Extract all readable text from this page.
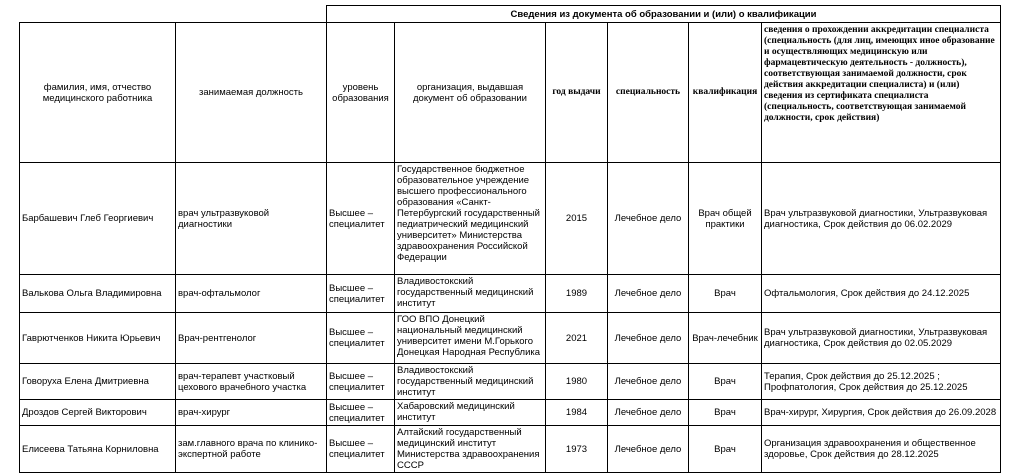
		Сведения из документа об образовании и (или) о квалификации					
фамилия, имя, отчество медицинского работника	занимаемая должность	уровень образования	организация, выдавшая документ об образовании	год выдачи	специальность	квалификация	сведения о прохождении аккредитации специалиста (специальность (для лиц, имеющих иное образование и осуществляющих медицинскую или фармацевтическую деятельность - должность), соответствующая занимаемой должности, срок действия аккредитации специалиста) и (или) сведения из сертификата специалиста (специальность, соответствующая занимаемой должности, срок действия)
Барбашевич Глеб Георгиевич	врач ультразвуковой диагностики	Высшее – специалитет	Государственное бюджетное образовательное учреждение высшего профессионального образования «Санкт-Петербургский государственный педиатрический медицинский университет» Министерства здравоохранения Российской Федерации	2015	Лечебное дело	Врач общей практики	Врач ультразвуковой диагностики, Ультразвуковая диагностика, Срок действия до 06.02.2029
Валькова Ольга Владимировна	врач-офтальмолог	Высшее – специалитет	Владивостокский государственный медицинский институт	1989	Лечебное дело	Врач	Офтальмология, Срок действия до 24.12.2025
Гаврютченков Никита Юрьевич	Врач-рентгенолог	Высшее – специалитет	ГОО ВПО Донецкий национальный медицинский университет имени М.Горького Донецкая Народная Республика	2021	Лечебное дело	Врач-лечебник	Врач ультразвуковой диагностики, Ультразвуковая диагностика, Срок действия до 02.05.2029
Говоруха Елена Дмитриевна	врач-терапевт участковый цехового врачебного участка	Высшее – специалитет	Владивостокский государственный медицинский институт	1980	Лечебное дело	Врач	Терапия, Срок действия до 25.12.2025 ; Профпатология, Срок действия до 25.12.2025
Дроздов Сергей Викторович	врач-хирург	Высшее – специалитет	Хабаровский медицинский институт	1984	Лечебное дело	Врач	Врач-хирург, Хирургия, Срок действия до 26.09.2028
Елисеева Татьяна Корниловна	зам.главного врача по клинико-экспертной работе	Высшее – специалитет	Алтайский государственный медицинский институт Министерства здравоохранения СССР	1973	Лечебное дело	Врач	Организация здравоохранения и общественное здоровье, Срок действия до 28.12.2025
